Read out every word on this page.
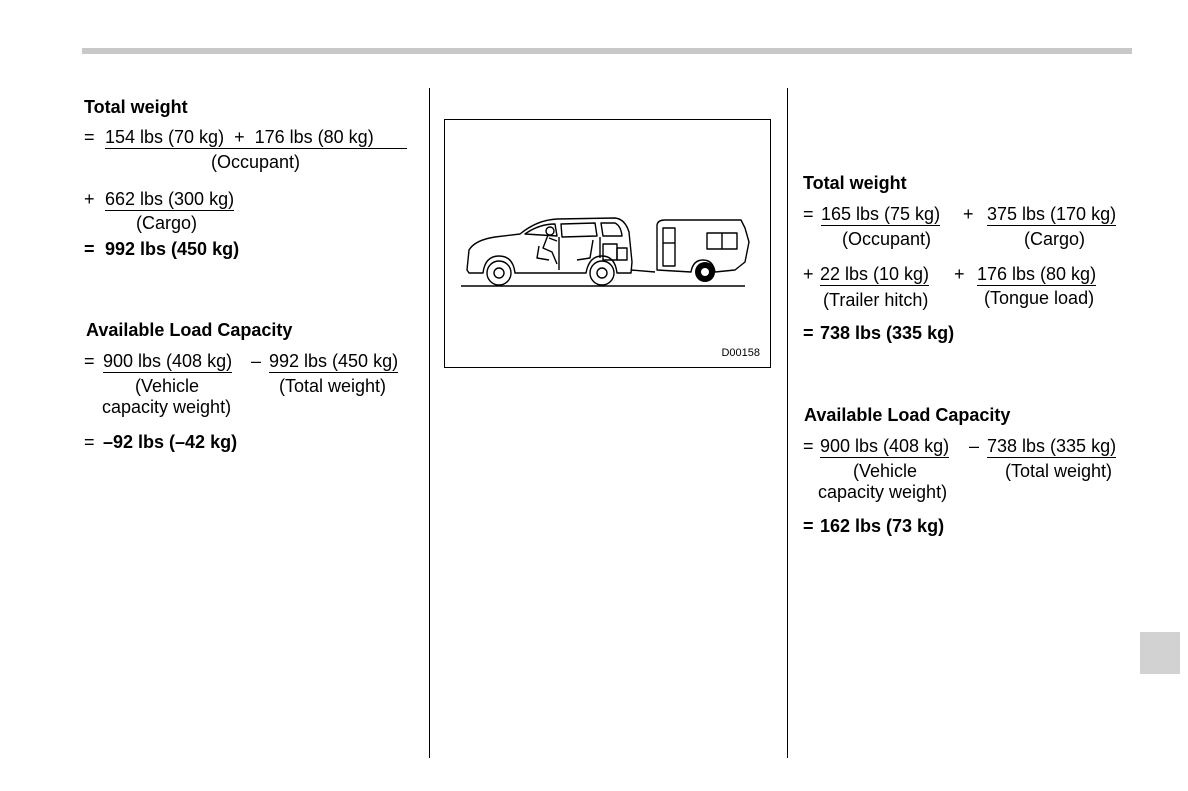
Total weight
= 154 lbs (70 kg) + 176 lbs (80 kg)
(Occupant)
+ 662 lbs (300 kg)
(Cargo)
= 992 lbs (450 kg)
Available Load Capacity
= 900 lbs (408 kg) – 992 lbs (450 kg)
(Vehicle
capacity weight)
(Total weight)
= –92 lbs (–42 kg)
D00158
Total weight
= 165 lbs (75 kg) + 375 lbs (170 kg)
(Occupant)	(Cargo)
+ 22 lbs (10 kg) + 176 lbs (80 kg)
(Trailer hitch)	(Tongue load)
= 738 lbs (335 kg)
Available Load Capacity
= 900 lbs (408 kg) – 738 lbs (335 kg)
(Vehicle
capacity weight)
(Total weight)
= 162 lbs (73 kg)
